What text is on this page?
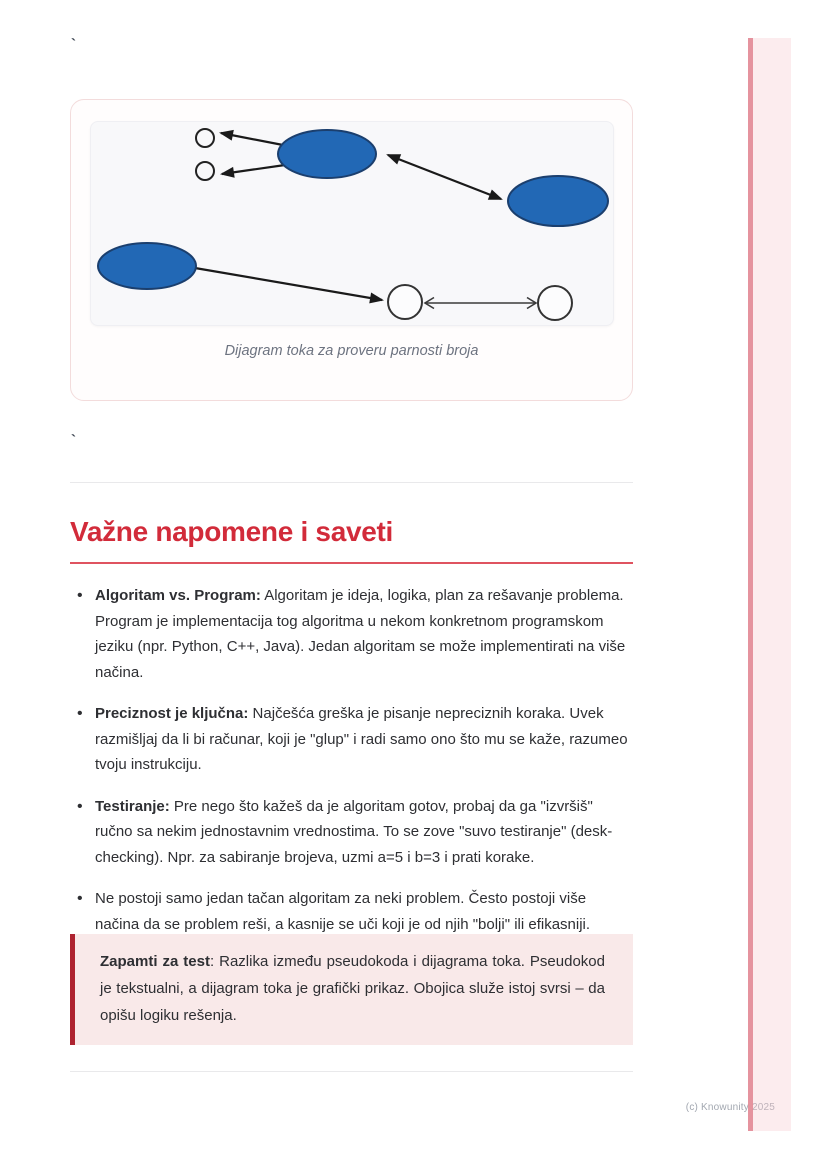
`
Dijagram toka za proveru parnosti broja
`
Važne napomene i saveti
• Algoritam vs. Program: Algoritam je ideja, logika, plan za rešavanje problema. Program je implementacija tog algoritma u nekom konkretnom programskom jeziku (npr. Python, C++, Java). Jedan algoritam se može implementirati na više načina.
• Preciznost je ključna: Najčešća greška je pisanje nepreciznih koraka. Uvek razmišljaj da li bi računar, koji je "glup" i radi samo ono što mu se kaže, razumeo tvoju instrukciju.
• Testiranje: Pre nego što kažeš da je algoritam gotov, probaj da ga "izvršiš" ručno sa nekim jednostavnim vrednostima. To se zove "suvo testiranje" (desk-checking). Npr. za sabiranje brojeva, uzmi a=5 i b=3 i prati korake.
• Ne postoji samo jedan tačan algoritam za neki problem. Često postoji više načina da se problem reši, a kasnije se uči koji je od njih "bolji" ili efikasniji.
Zapamti za test: Razlika između pseudokoda i dijagrama toka. Pseudokod je tekstualni, a dijagram toka je grafički prikaz. Obojica služe istoj svrsi – da opišu logiku rešenja.
(c) Knowunity 2025
